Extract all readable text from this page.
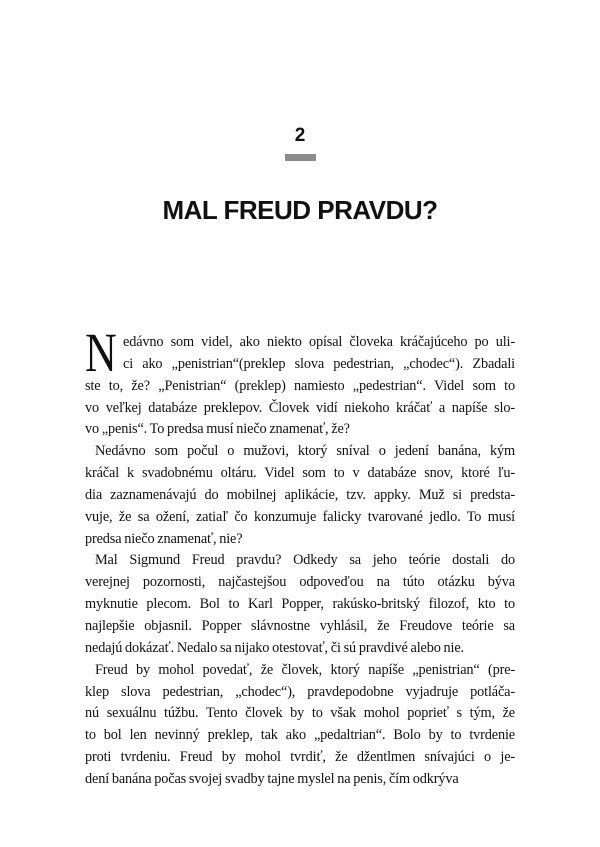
2
MAL FREUD PRAVDU?
Nedávno som videl, ako niekto opísal človeka kráčajúceho po uli-
ci ako „penistrian“(preklep slova pedestrian, „chodec“). Zbadali
ste to, že? „Penistrian“ (preklep) namiesto „pedestrian“. Videl som to
vo veľkej databáze preklepov. Človek vidí niekoho kráčať a napíše slo-
vo „penis“. To predsa musí niečo znamenať, že?
Nedávno som počul o mužovi, ktorý sníval o jedení banána, kým
kráčal k svadobnému oltáru. Videl som to v databáze snov, ktoré ľu-
dia zaznamenávajú do mobilnej aplikácie, tzv. appky. Muž si predsta-
vuje, že sa ožení, zatiaľ čo konzumuje falicky tvarované jedlo. To musí
predsa niečo znamenať, nie?
Mal Sigmund Freud pravdu? Odkedy sa jeho teórie dostali do
verejnej pozornosti, najčastejšou odpoveďou na túto otázku býva
myknutie plecom. Bol to Karl Popper, rakúsko-britský filozof, kto to
najlepšie objasnil. Popper slávnostne vyhlásil, že Freudove teórie sa
nedajú dokázať. Nedalo sa nijako otestovať, či sú pravdivé alebo nie.
Freud by mohol povedať, že človek, ktorý napíše „penistrian“ (pre-
klep slova pedestrian, „chodec“), pravdepodobne vyjadruje potláča-
nú sexuálnu túžbu. Tento človek by to však mohol poprieť s tým, že
to bol len nevinný preklep, tak ako „pedaltrian“. Bolo by to tvrdenie
proti tvrdeniu. Freud by mohol tvrdiť, že džentlmen snívajúci o je-
dení banána počas svojej svadby tajne myslel na penis, čím odkrýva
